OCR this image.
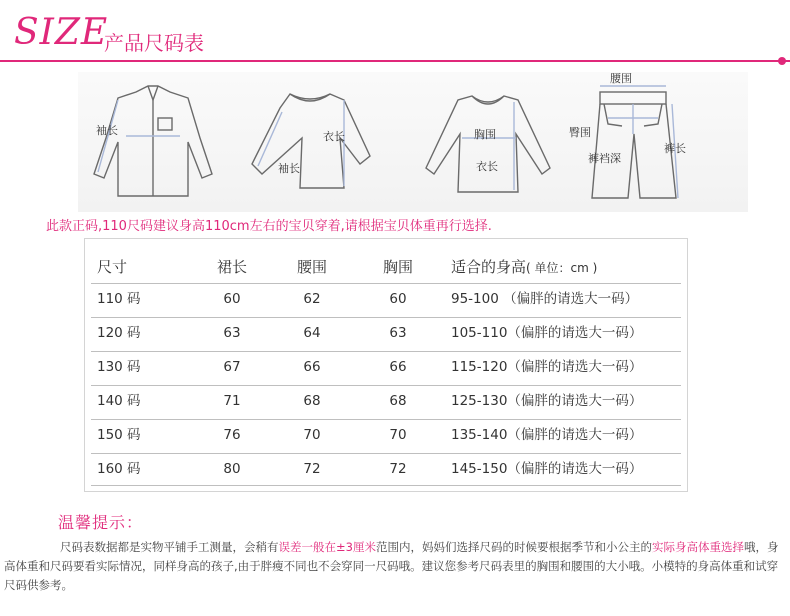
SIZE
产品尺码表
袖长	衣长
袖长
胸围
衣长
腰围
臀围
裤裆深
裤长
此款正码,110尺码建议身高110cm左右的宝贝穿着,请根据宝贝体重再行选择.
尺寸	裙长	腰围	胸围	适合的身高( 单位：cm )
110 码	60	62	60	95-100 （偏胖的请选大一码）
120 码	63	64	63	105-110（偏胖的请选大一码）
130 码	67	66	66	115-120（偏胖的请选大一码）
140 码	71	68	68	125-130（偏胖的请选大一码）
150 码	76	70	70	135-140（偏胖的请选大一码）
160 码	80	72	72	145-150（偏胖的请选大一码）
温馨提示：
尺码表数据都是实物平铺手工测量，会稍有误差一般在±3厘米范围内，妈妈们选择尺码的时候要根据季节和小公主的实际身高体重选择哦，身高体重和尺码要看实际情况，同样身高的孩子,由于胖瘦不同也不会穿同一尺码哦。建议您参考尺码表里的胸围和腰围的大小哦。小模特的身高体重和试穿尺码供参考。
